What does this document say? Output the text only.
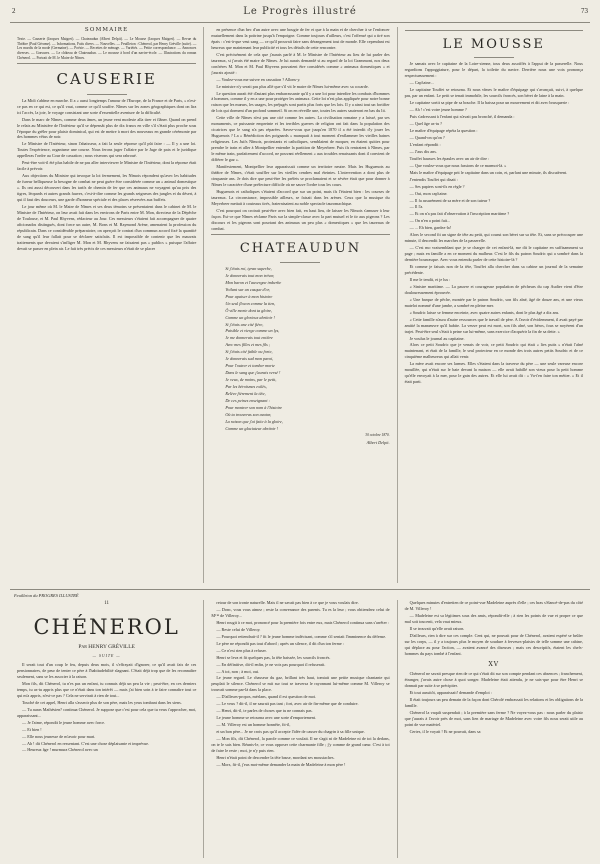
2	Le Progrès illustré	73
SOMMAIRE
Texte. — Causerie (Jacques Maigret). — Chateaudun (Albert Delpit). — Le Mousse (Jacques Maigret). — Revue du Théâtre (Paul Gérome). — Informations, Faits divers. — Nouvelles. — Feuilleton : Chénerol, par Henry Gréville (suite). — Les mardis de la mode (Germaine). — Poésie. — Recettes de ménage. — Variétés. — Petite correspondance. — Annonces diverses. — Gravures. — Le château de Chateaudun. — Le mousse à bord d'un navire-école. — Illustrations du roman Chénerol. — Portrait de M. le Maire de Nîmes.
CAUSERIE

La Midi s'abîme en marche. Il a « aussi longtemps l'amour de l'Europe, de la France et de Paris, » n'est-ce pas en ce qui est, ce qu'il vaut, comme ce qu'il souffre. Nîmes sur les zones géographiques dont on lira ici l'accès, la joie, le voyage consistant une sorte d'essentielle aventure de la difficulté.

Dans le marc de Nîmes, comme deux âmes, un jeune vent modeste alla tirer et flâner. Quand on prend le relais au Ministère de l'Intérieur qu'il se dépensât plus de dix francs en ville s'il s'était plus proche sous l'époque du grêler pour plaisir dominical, qui est de mettre à mort des nouveaux en grande cérémonie par des hommes vêtus de noir.

Le Ministre de l'Intérieur, sinon l'abaisseur, a fait la seule réponse qu'il pût faire : — Il y a une loi. Toutes l'expérience, organisme une course. Nous ferons juger l'affaire par le Juge de paix et le juridique appelleras l'ordre au Cour de cassation ; nous viserons qui sera rabroué.

Peut-être voit-il été plus habile de ne pas aller interviewer le Ministre de l'Intérieur, dont la réponse était facile à prévoir.

Aux objections du Ministre qui invoque la loi fermement, les Nîmois répondent qu'avec les habitudes de fureur belliqueuse la besogne de combat ne peut guère être considérée comme un « animal domestique ». Ils ont aussi découvert dans les tarifs de chemin de fer que ces animaux ne voyagent qu'au prix des tigres, léopards et autres grands fauves, c'est-à-dire comme les grands seigneurs des jungles et du désert, à qui il faut des douceurs, une garde d'honneur spéciale et des places réservées aux buffets.

Le jour même où M. le Maire de Nîmes et ses deux témoins se présentaient dans le cabinet de M. le Ministre de l'Intérieur, on leur avait fait dans les environs de Paris entre M. Mon, directeur de la Dépêche de Toulouse, et M. Paul Rhyvens, rédacteur au Jour. Ces messieurs s'étaient fait accompagner de quatre aficionados distingués, dont force un autre, M. Bons et M. Raymond Arène, amenaient la profession du républicain. Dans ce considérable préparatoire, on aperçoit le contrat d'un commun accord fixé la quantité de sang qu'il leur fallait pour se déclarer satisfaits. Il est impossible de contenir que les mauvais traitements que devaient s'infliger M. Mon et M. Rhyvens ne faisaient pas « publics » puisque l'affaire devait se passer en plein air. Le fait très précis de ces messieurs n'était de se placer

en présence d'un bec d'un autre avec une bougie de fer et que à la main et de chercher à se l'enfoncer mutuellement dans la poitrine jusqu'à l'empoigne. Comme toujours d'ailleurs, c'est l'offensé qui a tiré son épais : c'est-à-que veut sang — ce qu'il prouvait faire sans dérangement tout de monde. Elle cependant est heureux que maintenant leur publicité et tous les détails de cette rencontre.

C'est précisément de cela que j'aurais parlé à M. le Ministre de l'Intérieur au lieu de lui parler des taureaux, si j'avais été maire de Nîmes. Je lui aurais demandé si au regard de la loi Grammont, nos deux confrères M. Mon et M. Paul Rhyvens pouvaient être considérés comme « animaux domestiques » et j'aurais ajouté :

— Voulez-vous me suivre en cassation ? Allons-y.

Le ministre n'y serait pas plus allé que s'il vit le maire de Nîmes lui-même avec sa cocarde.

Le question aurait été d'autant plus embarrassante qu'il y a une loi pour interdire les combats d'hommes à hommes, comme il y en a une pour protéger les animaux. Cette loi n'est plus appliquée pour notre bonne raison que les mœurs, les usages, les préjugés sont partis plus forts que les lois. Il y a ainsi tout un fortifier de lois qui dorment d'un profond sommeil. Si on en réveille une, toutes les autres sauteront en bas du lit.

Cette ville de Nîmes n'est pas une cité comme les autres. La civilisation romaine y a laissé, par ses monuments, ce puissante empreinte et les terribles guerres de religion ont fait dans la population des cicatrices que le sang n'a pas réparées. Savez-vous que jusqu'en 1870 il a été interdit d'y jouer les Huguenots ? La « Bénédiction des poignards » manquait à tout moment d'enflammer les vieilles haines religieuses. Les Juifs Nîmois, protestants et catholiques, semblaient de moquer, en étaient quittes pour prendre le train et aller à Montpellier entendre la partition de Meyerbeer. Puis ils rentraient à Nîmes, par le même train, parfaitement d'accord, ne pouvant réellement « aux troubles renaissants dont il convient de différer le gaz ».

Manifestement, Montpellier leur apparaissait comme un territoire neutre. Mais les Huguenots au théâtre de Nîmes, c'était souffler sur les vieilles cendres mal éteintes. L'intervention a dont plus de cinquante ans. Je dois dire que peut-être les préfets se proclamaient et se sévère était que pour donner à Nîmes le caractère d'une préfecture difficile où ne sauve l'ordre tous les cours.

Huguenots et catholiques s'étaient d'accord que sur un point, mais ils l'étaient bien : les courses de taureaux. La circonstance, impossible ailleurs, se faisait dans les arènes. Ceux que la musique du Meyerbeer mettait à couteaux tirés, fraternisaient au noble spectacle tauromachique.

C'est pourquoi on croirait peut-être avec bien fait, en haut lieu, de laisser les Nîmois s'amuser à leur façon. Est-ce que Nîmes réclame Paris sur la simple-classe avec la part mutuel et le tir aux pigeons ? Les discours et les pigeons sont pourtant des animaux un peu plus « domestiques » que les taureaux de combat.

CHATEAUDUN

Si j'étais roi, tyran superbe,

Je donnerais tout mon trésor,

Mon baron et l'auvergne imberbe

Voilant sur un casque d'or,

Pour apaiser à mon histoire

Un seul flocon comme la tien,

Ô ville morte dont ta gloire,

Comme un glorieux abritoir !

Si j'étais une cité fière,

Paisible et vierge comme un lys,

Je me donnerais tout entière

Avec mes filles et mes fils ;

Si j'étais cité faible ou forte,

Je donnerais sud mon pavoi,

Pour l'outrer et tomber morte

Dans le sang que j'aurais versé !

Je veux, de moins, par le petit,

Par les héroïsmes exilés,

Relève fièrement la tête,

De ces peines enseignant :

Pour montrer son nom à l'histoire

Où ta trouveras son avatar,

La raison que j'ai faite à la gloire,

Comme un glaciateur abritoir !

30 octobre 1870.
Albert Delpit.
LE MOUSSE

Je samais avec le capitaine de la Loire-sienne, tous deux assoiffés à l'appui de la passerelle. Nous regardions l'appoggiature, pour le départ, la toilette du navire. Derrière nous une voix prononça respectueusement :

— Cap'taine...

Le capitaine Touffet se retourna. Et nous vîmes le maître d'équipage qui s'avançait, suivi, à quelque pas, par un enfant. Le petit se tenait immobile, les sourcils froncés, son béret de laine à la main.

Le capitaine sortit sa pipe de sa bouche. Il la baissa pour un mouvement et dit avec brusquerie :

— Ah ! c'est votre jeune homme ?

Puis s'adressant à l'enfant qui n'avait pas bronché, il demanda :

— Quel âge as-tu ?

Le maître d'équipage répéta la question :

— Quand-on qu'on ?

L'enfant répondit :

— J'aus dix ans.

Touffet hausses les épaules avec un air de dire :

— Que voulez-vous que nous fassions de ce marmot-là. »

Mais le maître d'équipage prit le capitaine dans un coin, et, parlant une minute, ils discutèrent.

J'entendis Touffet qui disait :

— Ses papiers sont-ils en règle ?

— Oui, mon cap'taine.

— Il fa assurément de sa mère et de son tuteur ?

— Il l'a.

— Et on n'a pas fait d'observation à l'inscription maritime ?

— On n'en a point fait...

— ... Eh bien, gardez-la!

Alors le second fit un signe de tête au petit, qui courut son béret sur sa tête. Et, sans se préoccuper une minute, il descendit les marches de la passerelle.

— C'est mo vraisemblant que je se charger de cet enfant-là, me dit le capitaine en suffisamment sa page ; mais en famille a en ce moment du malheur. C'est le fils du patron Soudric qui a sombré dans la dernière bourrasque. Avec vous entendu parler de cette histoire-là ?

Et comme je faisais non de la tête, Touffet alla chercher dans sa cabine un journal de la semaine précédente.

Il me le tendit, et je lus :

« Sinistre maritime. — La pauvre et courageuse population de pêcheurs du cap Audier vient d'être douloureusement éprouvée.

« Une barque de pêche, montée par le patron Soudric, son fils aîné, âgé de douze ans, et une vieux matelot nommé d'une jambe, a sombré en pleine mer.

« Soudric laisse se femme enceinte, avec quatre autres enfants, dont le plus âgé a dix ans.

« Cette famille n'aura d'autre ressources que le travail de père. A l'avoir d'évidemment, il avait payé par amitié la manœuvre qu'il habite. La veuve peut est mort, son fils aîné, son héros, fous se noyèrent d'un trajet. Peut-être seul s'était à peine sur lui-même, sans exercice d'acquérir la fin de sa dette. »

Je voulus le journal au capitaine.

Alors ce petit Soudric que je venais de voir, ce petit Soudric qui était « lies puits » n'était l'aîné maintenant, et était de la famille, le seul protecteur en ce monde des trois autres petits Soudric et de ce cinquième malheureux qui allait venir.

La mère avait encore ses larmes. Elles s'étaient dans la traverse du père — une seule vareuse encore mouillée, qui n'était sur le baie devant la maison — elle avait habillé son vieux pour la petit homme qu'elle envoyait à la mer, pour le gain des autres. Et elle lui avait dit : « Va-t'en faire ton métier. » Et il était parti.

Feuilleton du PROGRES ILLUSTRÉ
11
CHÉNEROL
Par HENRY GRÉVILLE
— SUITE —

Il serait tout d'un coup le feu, depuis deux mois, il s'effrayait d'ignorer, ce qu'il avait fais de ces pensionnaires, de peur de tenter ce père à l'habitudebilité slagnant. C'était déjà trop que de les reconnaître seulement, sans se les associer à la raison.

Mon fils, dit Chénerol, tu n'es pas un enfant, tu connais déjà un peu la vie ; peut-être, en ces derniers temps, tu as-tu appris plus que ce n'était dans ton intérêt — mais j'ai bien soin à te faire connaître tout ce qui m'a appris, n'est-ce pas ? Cela ne servirait à rien de tout...

Touché de cet appel, Henri alla s'asseoir plus de son père, mais les yeux tombant dans les siens.

— Tu auras Mathésien? continua Chénerol. Je suppose que c'est pour cela que tu veux t'approcher, moi, apparaissant...

— Je l'aime, répondit le jeune homme avec force.

— Et bien !

— Elle nous jeunesse de m'avoir pour mari.

— Ah ! dit Chénerol en ressentant. C'est une chose déplaisante et imprévue.

— Heureux âge ! murmura Chénerol avec un

retour de son ironie naturelle. Mais il ne savait pas bien à ce que je vous voulais dire.

— Donc, vous vous aimez ; reste la convenance des parents. Tu es la leur ; vous obtiendrez celui de M™ de Villeroy...

Henri rougit à ce mot, prononcé pour la première fois entre eux, mais Chénerol continua sans s'arrêter :

— Reste celui de Villeroy.

— Pourquoi retiendrait-il ? fit le jeune homme indécisant, comme s'il sentait l'imminence du défense.

Le père ne répondit pas tout d'abord ; après un silence, il dit d'un ton ferme :

— Ce n'est rien plus à refuser.

Henri se leva et fit quelques pas, la tête baissée, les sourcils froncés.

— En définitive, dit-il enfin, je ne vois pas pourquoi il refuserait.

— A toi, non ; à moi, oui.

Le jeune regard. Le chasseur du gaz, brillant très haut, tomtait une petite musique chantante qui peuplait le silence. Chénerol se mit sur tout se traversa le rayonnant lui-même comme M. Villeroy se trouvait somme par-là dans la place.

— D'ailleurs-propos, mérlans, quand il est question de moi.

— Le veux ? dit-il, il ne saurait pas tant ; fort, avec air de fin-même que de conduire.

— Henri, dit-il, te parles de choses que tu ne connais pas.

Le jeune homme se retourna avec une sorte d'emportement.

— M. Villeroy est un homme honnête, fit-il,

et un bon père... Je ne crois pas qu'il accepte l'idée de causer du chagrin à sa fille unique.

— Mon fils, dit Chénerol, la parole comme ce voulait. Il ne s'agit ni de Madeleine ni de toi la dedans, on te le sais bien. Réunis-le, ce vous opposer cette charmante fille ; j'y comme de grand cœur. C'est à toi de faire le reste ; moi, je n'y puis rien.

Henri n'était point de descendre la tête basse, mordant ses moustaches.

— Mors, fit-il, j'eus mot-même demander la main de Madeleine à mon père !

Quelques minutes d'entretien de ce point-vue Madeleine auprès d'elle ; ces bras s'élancé-de-pas du côté de M. Villeroy !

— Madeleine est sa légitimes sous des amis, répondit-elle ; à rien les points de vue et propre ce que mal soit toucenti, vela vaut mieux.

Il se trouvait qu'elle avait raison.

D'ailleurs, rien à dire sur ces comple. Cent qui, ne pouvait pour de Chénerol, avaient espéré se brûler sur les corps, — il y a toujours plus le moyen de soudure à ferveurs-plaisirs de telle somme une cabine, qui déplace au pour l'action, — avaient avancé des diseuses ; mais ces descriptifs, étaient les chefs-hommes du pays tombé à l'enfant.

XV

Chénerol ne savait presque rien de ce qui s'était dit sur son compte pendant ces absences ; franchement, étranger, j'avais autre chose à quoi songer. Madeleine était attendu, je ne sais-que pour être Henri se donnait par suite à se précipiter.

Et tout aussitôt, apparaissait! demande d'emploi :

Il était toujours un peu demain de la façon dont Chérolé embrassait les relations et les obligations de la famille.

Chénerol la vaquît suspendait ; à la première sans ferme ? Ne voyez-vous pas : nous parler du plaisir que j'aurais à l'avoir près de moi, sans lien de mariage de Madeleine avec votre fils nous serait utile au point de vue matériel.

Certes, il le voyait ! Et ne pouvait, dans sa
